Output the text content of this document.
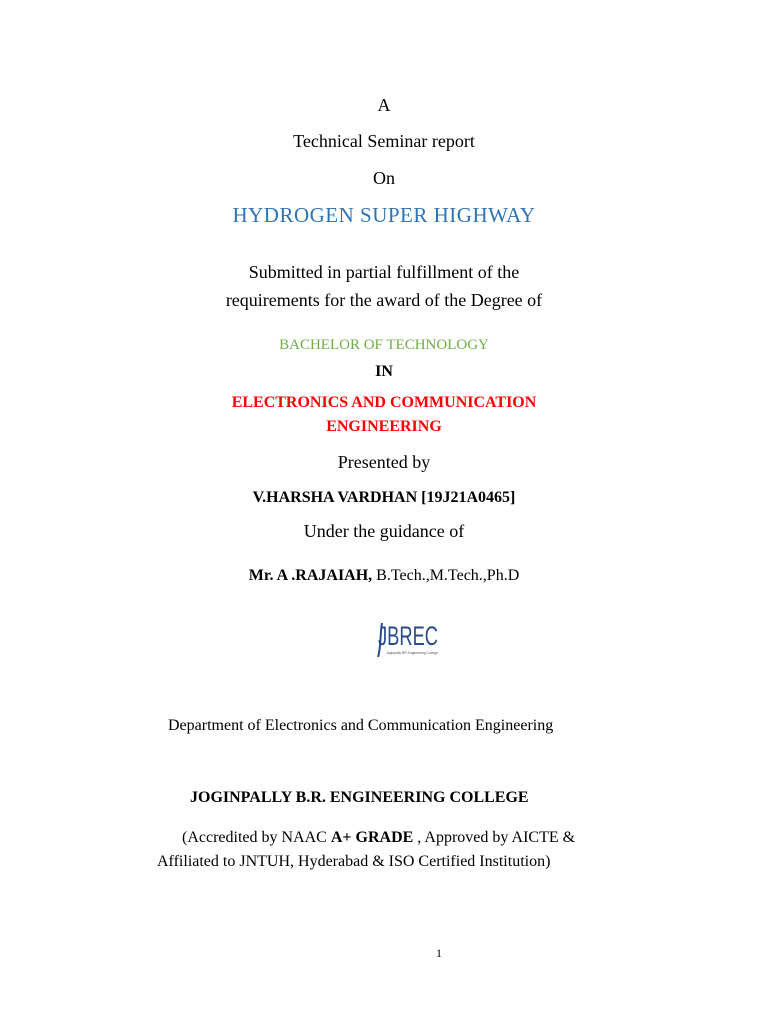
A
Technical Seminar report
On
HYDROGEN SUPER HIGHWAY
Submitted in partial fulfillment of the
requirements for the award of the Degree of
BACHELOR OF TECHNOLOGY
IN
ELECTRONICS AND COMMUNICATION
ENGINEERING
Presented by
V.HARSHA VARDHAN [19J21A0465]
Under the guidance of
Mr. A .RAJAIAH, B.Tech.,M.Tech.,Ph.D
JBREC
Joginpally BR Engineering College
Department of Electronics and Communication Engineering
JOGINPALLY B.R. ENGINEERING COLLEGE
(Accredited by NAAC A+ GRADE , Approved by AICTE &
Affiliated to JNTUH, Hyderabad & ISO Certified Institution)
1
